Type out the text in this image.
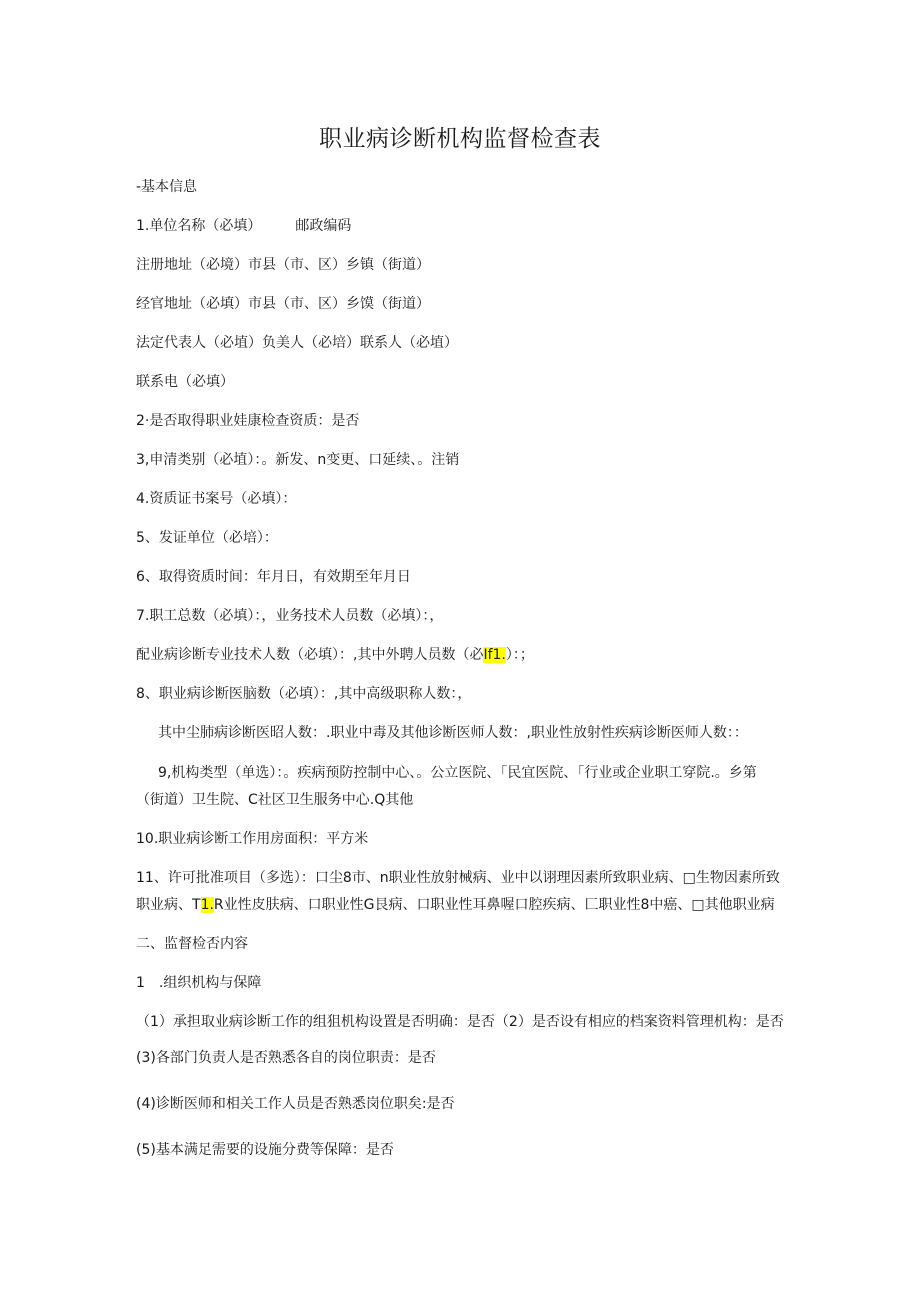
职业病诊断机构监督检查表
-基本信息
1.单位名称（必填） 邮政编码
注册地址（必境）市县（市、区）乡镇（街道）
经官地址（必填）市县（市、区）乡馍（街道）
法定代表人（必埴）负美人（必培）联系人（必埴）
联系电（必填）
2·是否取得职业娃康检查资质：是否
3,申清类别（必埴）：。新发、n变更、口延续、。注销
4.资质证书案号（必填）：
5、发证单位（必培）：
6、取得资质时间：年月日，有效期至年月日
7.职工总数（必填）：，业务技术人员数（必填）：，
配业病诊断专业技术人数（必填）：,其中外聘人员数（必If1.）：；
8、职业病诊断医脑数（必填）：,其中高级职称人数：，
其中尘肺病诊断医昭人数：.职业中毒及其他诊断医师人数：,职业性放射性疾病诊断医师人数：：
9,机构类型（单选）：。疾病预防控制中心、。公立医院、「民宜医院、「行业或企业职工穿院.。乡第
（街道）卫生院、C社区卫生服务中心.Q其他
10.职业病诊断工作用房面积：平方米
11、许可批准项目（多选）：口尘8市、n职业性放射械病、业中以诩理因素所致职业病、□生物因素所致
职业病、T1.R业性皮肤病、口职业性G艮病、口职业性耳鼻喔口腔疾病、匚职业性8中癌、□其他职业病
二、监督检否内容
1　.组织机构与保障
（1）承担取业病诊断工作的组狙机构设置是否明确：是否（2）是否设有相应的档案资料管理机构：是否
(3)各部门负责人是否熟悉各自的岗位职责：是否
(4)诊断医师和相关工作人员是否熟悉岗位职矣:是否
(5)基本满足需要的设施分费等保障：是否
